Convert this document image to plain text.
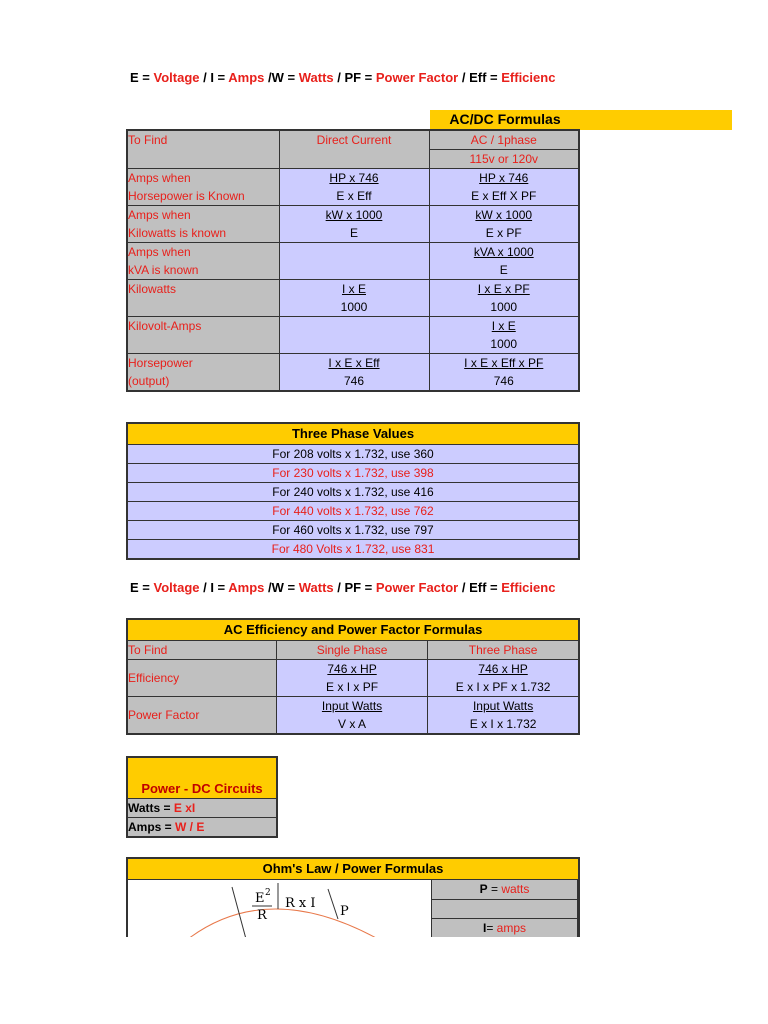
E = Voltage / I = Amps /W = Watts / PF = Power Factor / Eff = Efficienc
AC/DC Formulas
To Find	Direct Current	AC / 1phase
		115v or 120v
Amps when	HP x 746	HP x 746
Horsepower is Known	E x Eff	E x Eff X PF
Amps when	kW x 1000	kW x 1000
Kilowatts is known	E	E x PF
Amps when		kVA x 1000
kVA is known		E
Kilowatts	I x E	I x E x PF
	1000	1000
Kilovolt-Amps		I x E
		1000
Horsepower	I x E x Eff	I x E x Eff x PF
(output)	746	746
Three Phase Values
For 208 volts x 1.732, use 360
For 230 volts x 1.732, use 398
For 240 volts x 1.732, use 416
For 440 volts x 1.732, use 762
For 460 volts x 1.732, use 797
For 480 Volts x 1.732, use 831
E = Voltage / I = Amps /W = Watts / PF = Power Factor / Eff = Efficienc
AC Efficiency and Power Factor Formulas		
To Find	Single Phase	Three Phase
Efficiency	746 x HP	746 x HP
	E x I x PF	E x I x PF x 1.732
Power Factor	Input Watts	Input Watts
	V x A	E x I x 1.732
Power - DC Circuits
Watts = E xI
Amps = W / E
Ohm's Law / Power Formulas
P = watts
I= amps
E 2
R
R x I
P
